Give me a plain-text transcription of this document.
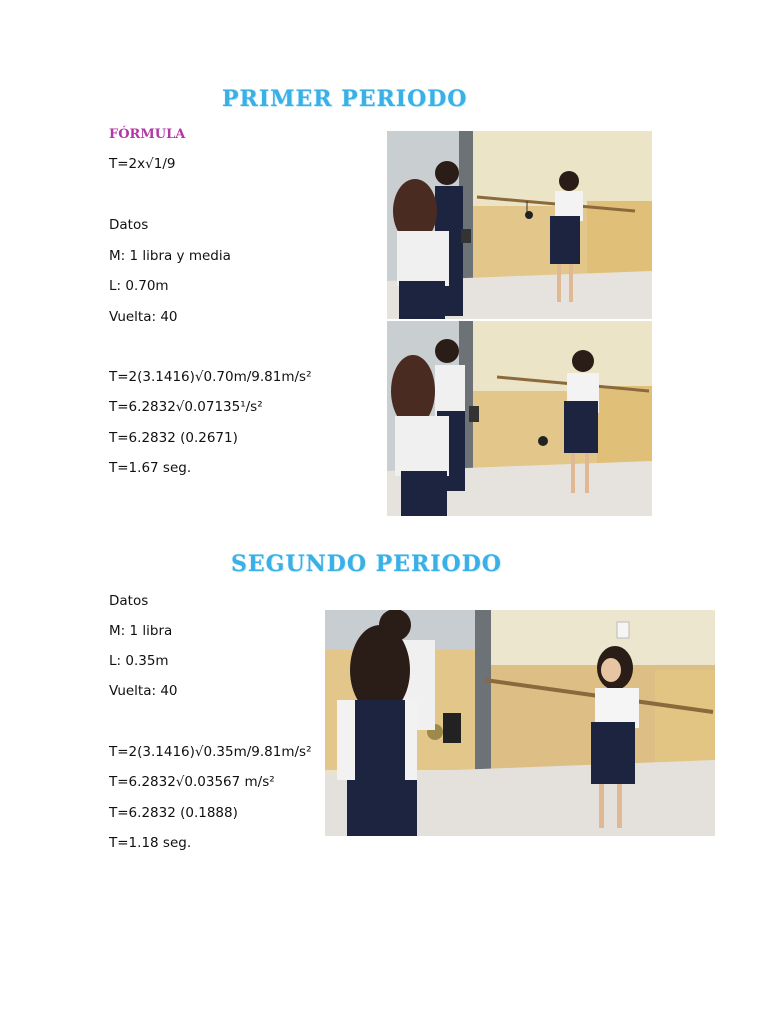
PRIMER PERIODO
FÓRMULA
T=2x√1/9
Datos
M: 1 libra y media
L: 0.70m
Vuelta: 40
T=2(3.1416)√0.70m/9.81m/s²
T=6.2832√0.07135¹/s²
T=6.2832 (0.2671)
T=1.67 seg.
SEGUNDO PERIODO
Datos
M: 1 libra
L: 0.35m
Vuelta: 40
T=2(3.1416)√0.35m/9.81m/s²
T=6.2832√0.03567 m/s²
T=6.2832 (0.1888)
T=1.18 seg.
